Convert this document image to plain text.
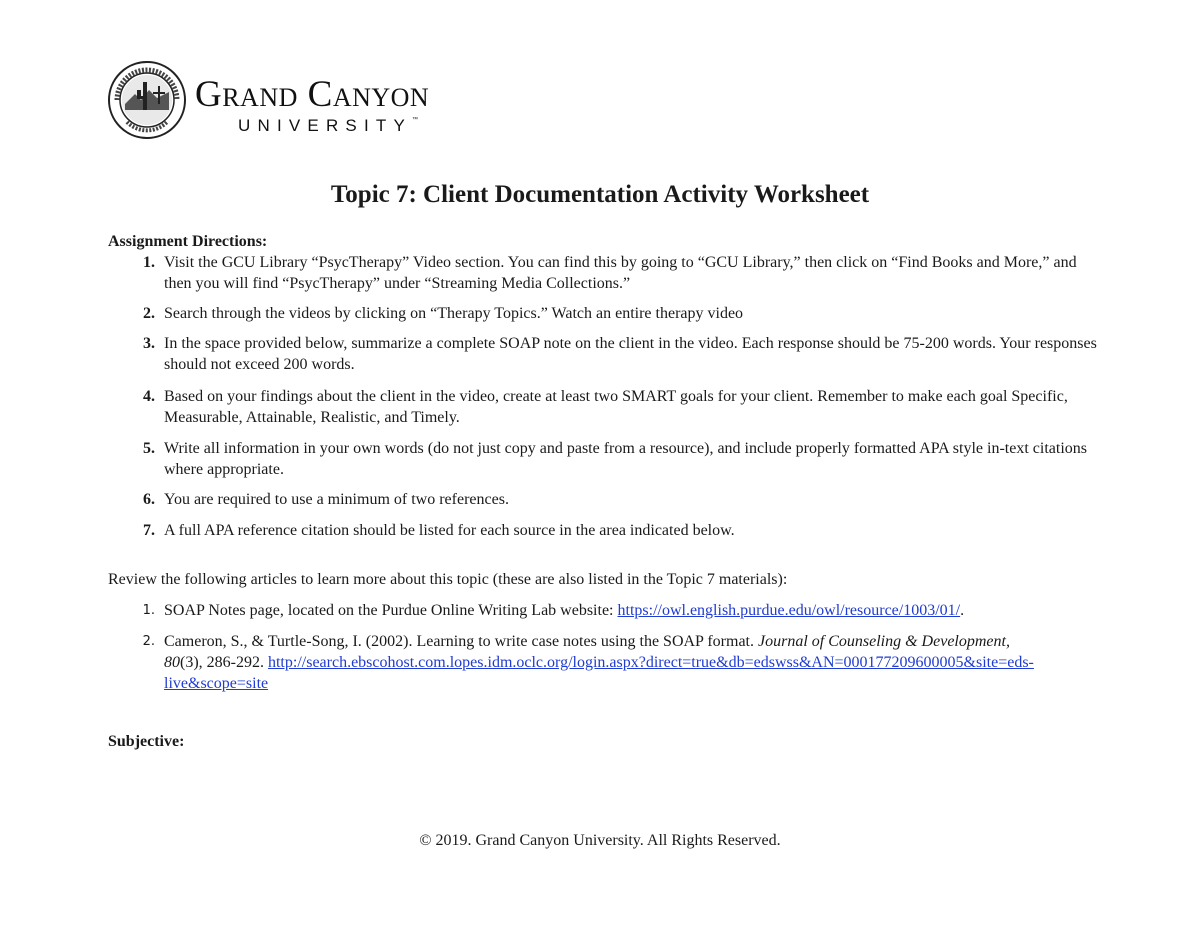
Grand Canyon
UNIVERSITY™
Topic 7: Client Documentation Activity Worksheet
Assignment Directions:
1. Visit the GCU Library “PsycTherapy” Video section. You can find this by going to “GCU Library,” then click on “Find Books and More,” and then you will find “PsycTherapy” under “Streaming Media Collections.”
2. Search through the videos by clicking on “Therapy Topics.” Watch an entire therapy video
3. In the space provided below, summarize a complete SOAP note on the client in the video. Each response should be 75-200 words. Your responses should not exceed 200 words.
4. Based on your findings about the client in the video, create at least two SMART goals for your client. Remember to make each goal Specific, Measurable, Attainable, Realistic, and Timely.
5. Write all information in your own words (do not just copy and paste from a resource), and include properly formatted APA style in-text citations where appropriate.
6. You are required to use a minimum of two references.
7. A full APA reference citation should be listed for each source in the area indicated below.
Review the following articles to learn more about this topic (these are also listed in the Topic 7 materials):
1. SOAP Notes page, located on the Purdue Online Writing Lab website: https://owl.english.purdue.edu/owl/resource/1003/01/.
2. Cameron, S., & Turtle-Song, I. (2002). Learning to write case notes using the SOAP format. Journal of Counseling & Development, 80(3), 286-292. http://search.ebscohost.com.lopes.idm.oclc.org/login.aspx?direct=true&db=edswss&AN=000177209600005&site=eds-live&scope=site
Subjective:
© 2019. Grand Canyon University. All Rights Reserved.
